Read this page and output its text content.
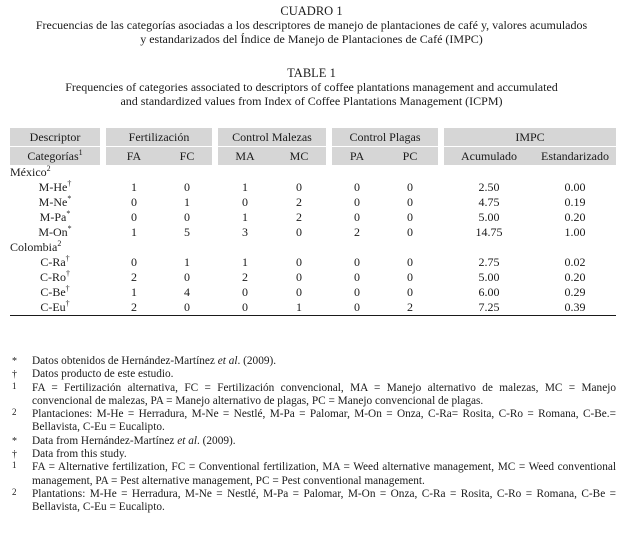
CUADRO 1
Frecuencias de las categorías asociadas a los descriptores de manejo de plantaciones de café y, valores acumulados
y estandarizados del Índice de Manejo de Plantaciones de Café (IMPC)
TABLE 1
Frequencies of categories associated to descriptors of coffee plantations management and accumulated
and standardized values from Index of Coffee Plantations Management (ICPM)
Descriptor		Fertilización			Control Malezas			Control Plagas			IMPC	
Categorías$^1$		FA	FC		MA	MC		PA	PC		Acumulado	Estandarizado
México$^2$
M-He†		1	0		1	0		0	0		2.50	0.00
M-Ne*		0	1		0	2		0	0		4.75	0.19
M-Pa*		0	0		1	2		0	0		5.00	0.20
M-On*		1	5		3	0		2	0		14.75	1.00
Colombia$^2$
C-Ra†		0	1		1	0		0	0		2.75	0.02
C-Ro†		2	0		2	0		0	0		5.00	0.20
C-Be†		1	4		0	0		0	0		6.00	0.29
C-Eu†		2	0		0	1		0	2		7.25	0.39

* Datos obtenidos de Hernández-Martínez et al. (2009).
† Datos producto de este estudio.
1 FA = Fertilización alternativa, FC = Fertilización convencional, MA = Manejo alternativo de malezas, MC = Manejo convencional de malezas, PA = Manejo alternativo de plagas, PC = Manejo convencional de plagas.
2 Plantaciones: M-He = Herradura, M-Ne = Nestlé, M-Pa = Palomar, M-On = Onza, C-Ra= Rosita, C-Ro = Romana, C-Be.= Bellavista, C-Eu = Eucalipto.
* Data from Hernández-Martínez et al. (2009).
† Data from this study.
1 FA = Alternative fertilization, FC = Conventional fertilization, MA = Weed alternative management, MC = Weed conventional management, PA = Pest alternative management, PC = Pest conventional management.
2 Plantations: M-He = Herradura, M-Ne = Nestlé, M-Pa = Palomar, M-On = Onza, C-Ra = Rosita, C-Ro = Romana, C-Be = Bellavista, C-Eu = Eucalipto.
